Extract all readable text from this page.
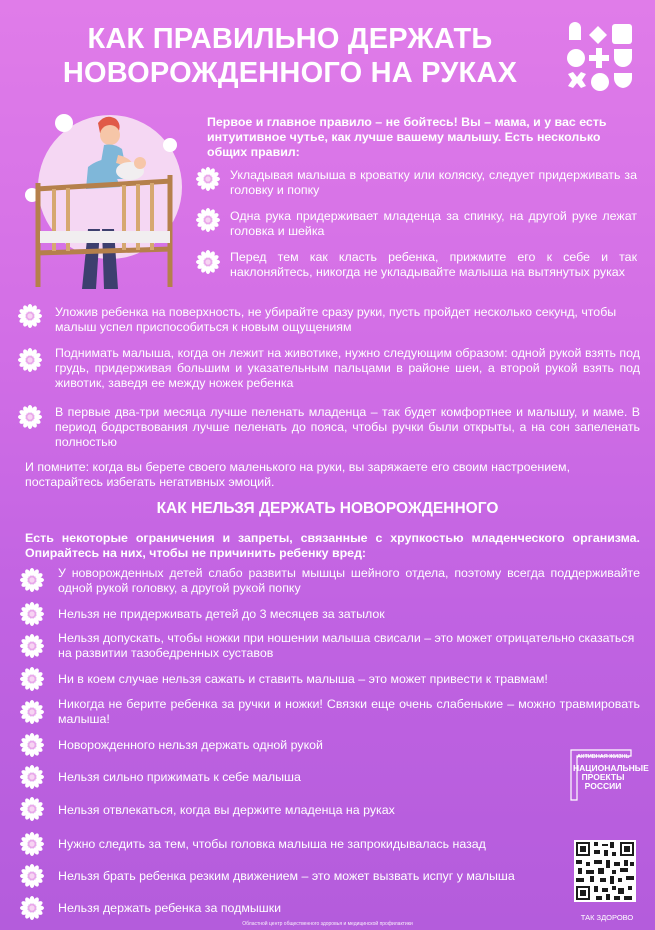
КАК ПРАВИЛЬНО ДЕРЖАТЬ
НОВОРОЖДЕННОГО НА РУКАХ
Первое и главное правило – не бойтесь! Вы – мама, и у вас есть интуитивное чутье, как лучше вашему малышу. Есть несколько общих правил:
Укладывая малыша в кроватку или коляску, следует придерживать за головку и попку
Одна рука придерживает младенца за спинку, на другой руке лежат головка и шейка
Перед тем как класть ребенка, прижмите его к себе и так наклоняйтесь, никогда не укладывайте малыша на вытянутых руках
Уложив ребенка на поверхность, не убирайте сразу руки, пусть пройдет несколько секунд, чтобы малыш успел приспособиться к новым ощущениям
Поднимать малыша, когда он лежит на животике, нужно следующим образом: одной рукой взять под грудь, придерживая большим и указательным пальцами в районе шеи, а второй рукой взять под животик, заведя ее между ножек ребенка
В первые два-три месяца лучше пеленать младенца – так будет комфортнее и малышу, и маме. В период бодрствования лучше пеленать до пояса, чтобы ручки были открыты, а на сон запеленать полностью
И помните: когда вы берете своего маленького на руки, вы заряжаете его своим настроением, постарайтесь избегать негативных эмоций.
КАК НЕЛЬЗЯ ДЕРЖАТЬ НОВОРОЖДЕННОГО
Есть некоторые ограничения и запреты, связанные с хрупкостью младенческого организма. Опирайтесь на них, чтобы не причинить ребенку вред:
У новорожденных детей слабо развиты мышцы шейного отдела, поэтому всегда поддерживайте одной рукой головку, а другой рукой попку
Нельзя не придерживать детей до 3 месяцев за затылок
Нельзя допускать, чтобы ножки при ношении малыша свисали – это может отрицательно сказаться на развитии тазобедренных суставов
Ни в коем случае нельзя сажать и ставить малыша – это может привести к травмам!
Никогда не берите ребенка за ручки и ножки! Связки еще очень слабенькие – можно травмировать малыша!
Новорожденного нельзя держать одной рукой
Нельзя сильно прижимать к себе малыша
Нельзя отвлекаться, когда вы держите младенца на руках
Нужно следить за тем, чтобы головка малыша не запрокидывалась назад
Нельзя брать ребенка резким движением – это может вызвать испуг у малыша
Нельзя держать ребенка за подмышки
АКТИВНАЯ ЖИЗНЬ
НАЦИОНАЛЬНЫЕ ПРОЕКТЫ РОССИИ
ТАК ЗДОРОВО
Областной центр общественного здоровья и медицинской профилактики
